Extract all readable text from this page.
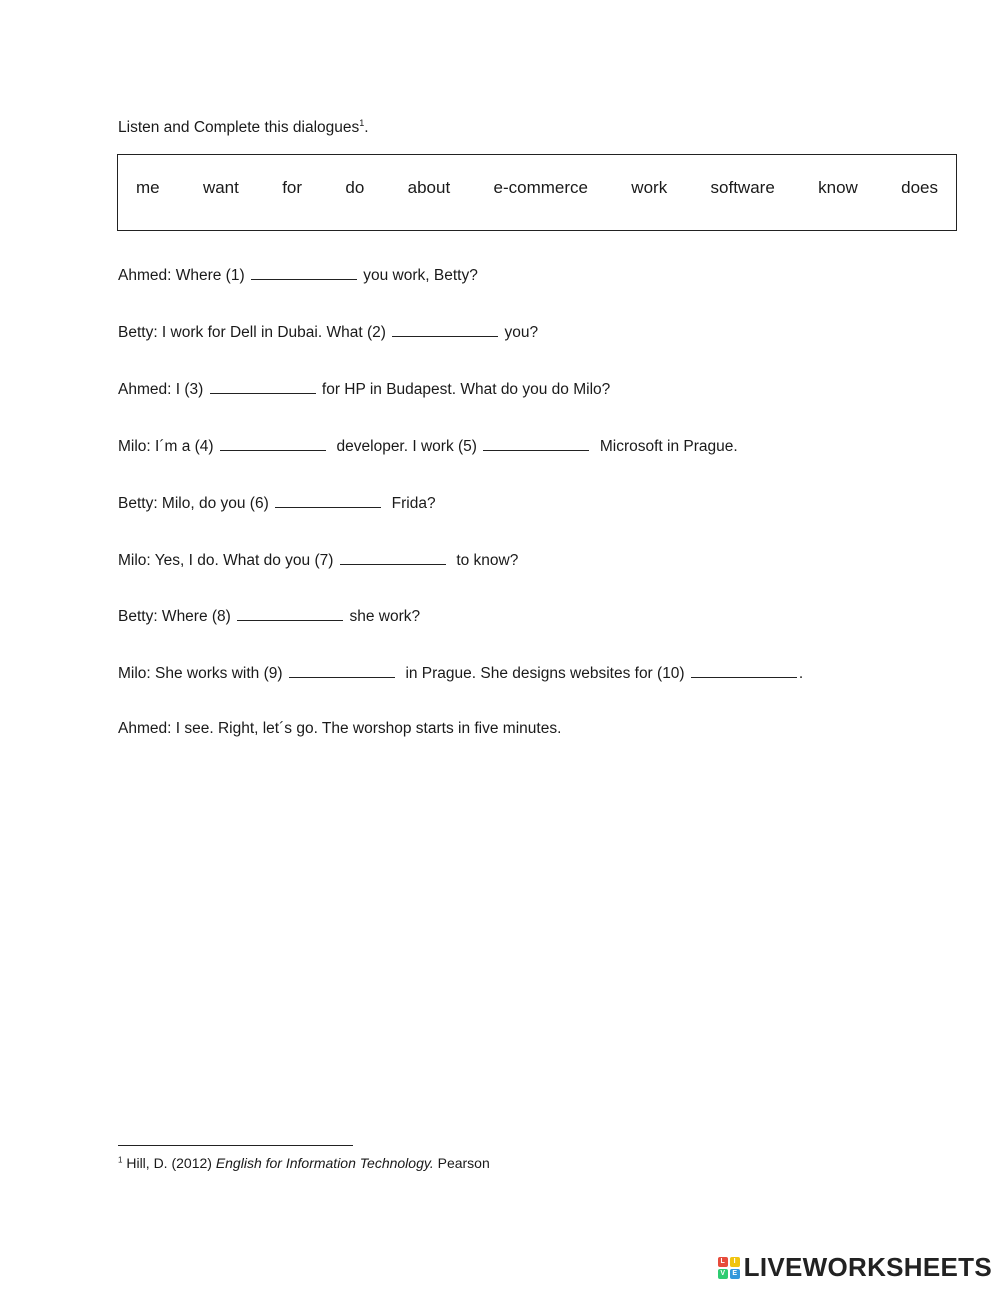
Listen and Complete this dialogues$^1$.
me	want	for	do	about	e-commerce	work	software	know	does
Ahmed: Where (1)	you work, Betty?
Betty: I work for Dell in Dubai. What (2)	you?
Ahmed: I (3)	for HP in Budapest. What do you do Milo?
Milo: I´m a (4)	developer. I work (5)	Microsoft in Prague.
Betty: Milo, do you (6)	Frida?
Milo: Yes, I do. What do you (7)	to know?
Betty: Where (8)	she work?
Milo: She works with (9)	in Prague. She designs websites for (10)	.
Ahmed: I see. Right, let´s go. The worshop starts in five minutes.
$^1$ Hill, D. (2012) English for Information Technology. Pearson
L	I
V	E LIVEWORKSHEETS
